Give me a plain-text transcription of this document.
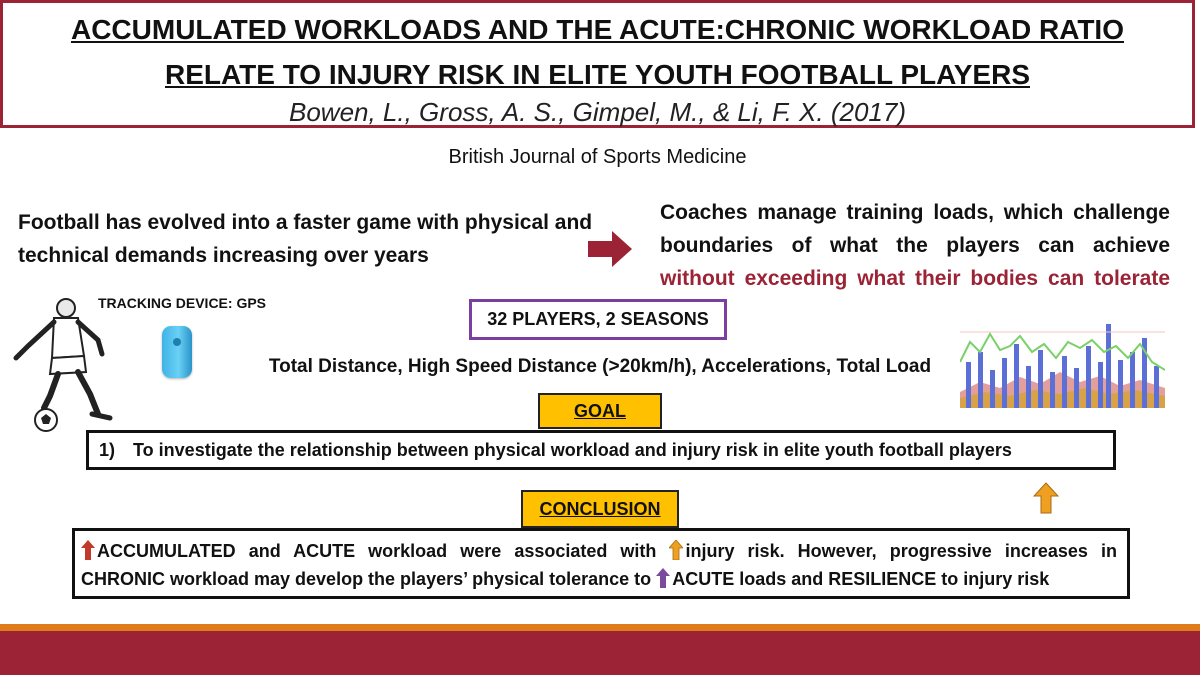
ACCUMULATED WORKLOADS AND THE ACUTE:CHRONIC WORKLOAD RATIO
RELATE TO INJURY RISK IN ELITE YOUTH FOOTBALL PLAYERS
Bowen, L., Gross, A. S., Gimpel, M., & Li, F. X. (2017)
British Journal of Sports Medicine
Football has evolved into a faster game with physical and technical demands increasing over years
Coaches manage training loads, which challenge boundaries of what the players can achieve without exceeding what their bodies can tolerate
TRACKING DEVICE: GPS
32 PLAYERS, 2 SEASONS
Total Distance, High Speed Distance (>20km/h), Accelerations, Total Load
GOAL
1) To investigate the relationship between physical workload and injury risk in elite youth football players
CONCLUSION
ACCUMULATED and ACUTE workload were associated with injury risk. However, progressive increases in
CHRONIC workload may develop the players’ physical tolerance to ACUTE loads and RESILIENCE to injury risk
